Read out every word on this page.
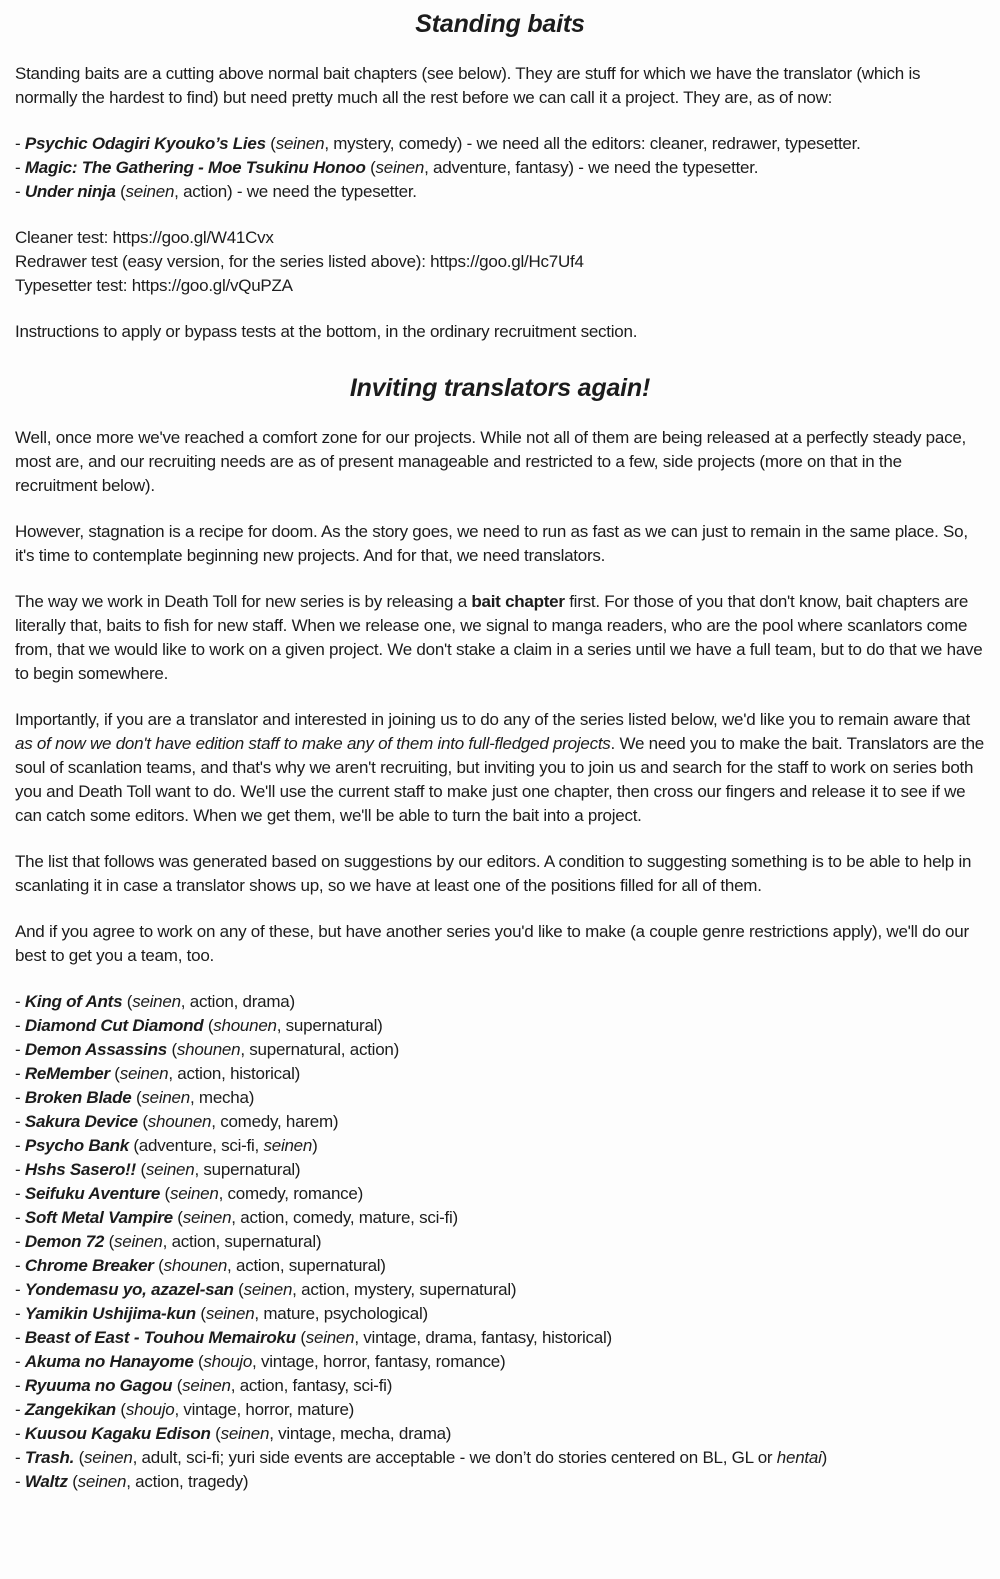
Standing baits

Standing baits are a cutting above normal bait chapters (see below). They are stuff for which we have the translator (which is normally the hardest to find) but need pretty much all the rest before we can call it a project. They are, as of now:

- Psychic Odagiri Kyouko’s Lies (seinen, mystery, comedy) - we need all the editors: cleaner, redrawer, typesetter.
- Magic: The Gathering - Moe Tsukinu Honoo (seinen, adventure, fantasy) - we need the typesetter.
- Under ninja (seinen, action) - we need the typesetter.
Cleaner test: https://goo.gl/W41Cvx
Redrawer test (easy version, for the series listed above): https://goo.gl/Hc7Uf4
Typesetter test: https://goo.gl/vQuPZA

Instructions to apply or bypass tests at the bottom, in the ordinary recruitment section.

Inviting translators again!

Well, once more we've reached a comfort zone for our projects. While not all of them are being released at a perfectly steady pace, most are, and our recruiting needs are as of present manageable and restricted to a few, side projects (more on that in the recruitment below).

However, stagnation is a recipe for doom. As the story goes, we need to run as fast as we can just to remain in the same place. So, it's time to contemplate beginning new projects. And for that, we need translators.

The way we work in Death Toll for new series is by releasing a bait chapter first. For those of you that don't know, bait chapters are literally that, baits to fish for new staff. When we release one, we signal to manga readers, who are the pool where scanlators come from, that we would like to work on a given project. We don't stake a claim in a series until we have a full team, but to do that we have to begin somewhere.

Importantly, if you are a translator and interested in joining us to do any of the series listed below, we'd like you to remain aware that as of now we don't have edition staff to make any of them into full-fledged projects. We need you to make the bait. Translators are the soul of scanlation teams, and that's why we aren't recruiting, but inviting you to join us and search for the staff to work on series both you and Death Toll want to do. We'll use the current staff to make just one chapter, then cross our fingers and release it to see if we can catch some editors. When we get them, we'll be able to turn the bait into a project.

The list that follows was generated based on suggestions by our editors. A condition to suggesting something is to be able to help in scanlating it in case a translator shows up, so we have at least one of the positions filled for all of them.

And if you agree to work on any of these, but have another series you'd like to make (a couple genre restrictions apply), we'll do our best to get you a team, too.

- King of Ants (seinen, action, drama)
- Diamond Cut Diamond (shounen, supernatural)
- Demon Assassins (shounen, supernatural, action)
- ReMember (seinen, action, historical)
- Broken Blade (seinen, mecha)
- Sakura Device (shounen, comedy, harem)
- Psycho Bank (adventure, sci-fi, seinen)
- Hshs Sasero!! (seinen, supernatural)
- Seifuku Aventure (seinen, comedy, romance)
- Soft Metal Vampire (seinen, action, comedy, mature, sci-fi)
- Demon 72 (seinen, action, supernatural)
- Chrome Breaker (shounen, action, supernatural)
- Yondemasu yo, azazel-san (seinen, action, mystery, supernatural)
- Yamikin Ushijima-kun (seinen, mature, psychological)
- Beast of East - Touhou Memairoku (seinen, vintage, drama, fantasy, historical)
- Akuma no Hanayome (shoujo, vintage, horror, fantasy, romance)
- Ryuuma no Gagou (seinen, action, fantasy, sci-fi)
- Zangekikan (shoujo, vintage, horror, mature)
- Kuusou Kagaku Edison (seinen, vintage, mecha, drama)
- Trash. (seinen, adult, sci-fi; yuri side events are acceptable - we don’t do stories centered on BL, GL or hentai)
- Waltz (seinen, action, tragedy)
